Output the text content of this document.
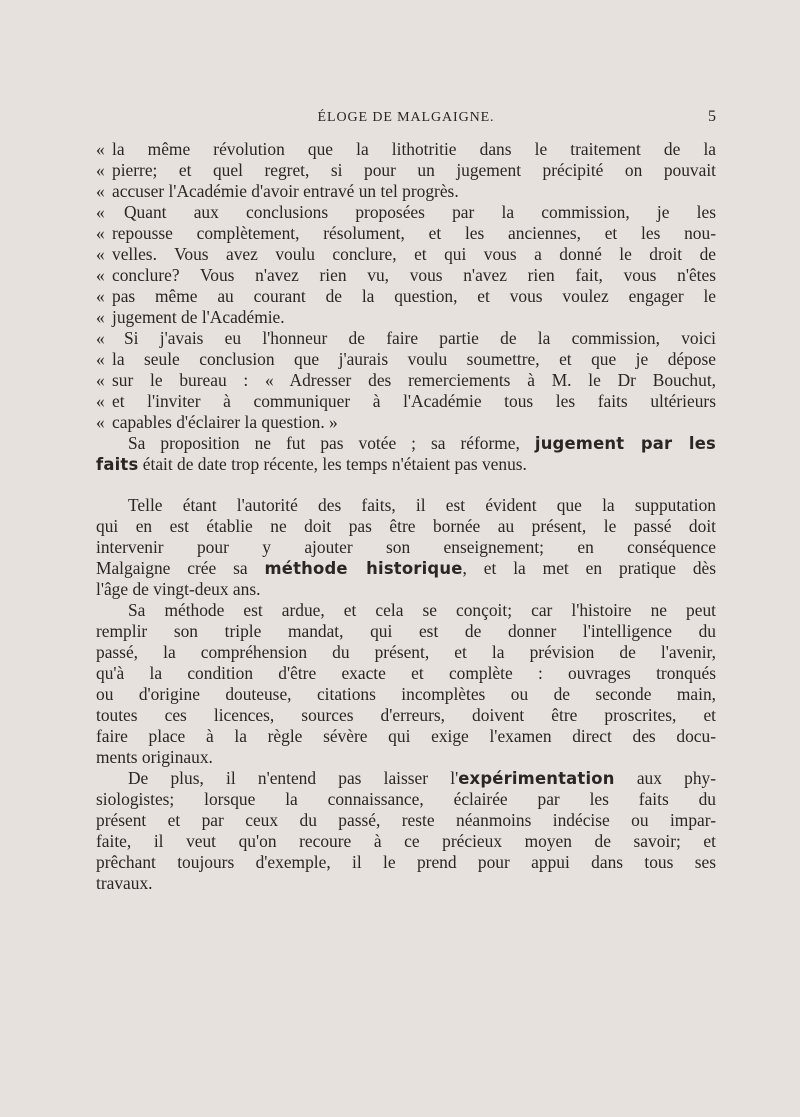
ÉLOGE DE MALGAIGNE.	5
« la même révolution que la lithotritie dans le traitement de la
« pierre; et quel regret, si pour un jugement précipité on pouvait
« accuser l'Académie d'avoir entravé un tel progrès.
« Quant aux conclusions proposées par la commission, je les
« repousse complètement, résolument, et les anciennes, et les nou-
« velles. Vous avez voulu conclure, et qui vous a donné le droit de
« conclure? Vous n'avez rien vu, vous n'avez rien fait, vous n'êtes
« pas même au courant de la question, et vous voulez engager le
« jugement de l'Académie.
« Si j'avais eu l'honneur de faire partie de la commission, voici
« la seule conclusion que j'aurais voulu soumettre, et que je dépose
« sur le bureau : « Adresser des remerciements à M. le Dr Bouchut,
« et l'inviter à communiquer à l'Académie tous les faits ultérieurs
« capables d'éclairer la question. »
Sa proposition ne fut pas votée ; sa réforme, jugement par les
faits était de date trop récente, les temps n'étaient pas venus.
Telle étant l'autorité des faits, il est évident que la supputation
qui en est établie ne doit pas être bornée au présent, le passé doit
intervenir pour y ajouter son enseignement; en conséquence
Malgaigne crée sa méthode historique, et la met en pratique dès
l'âge de vingt-deux ans.
Sa méthode est ardue, et cela se conçoit; car l'histoire ne peut
remplir son triple mandat, qui est de donner l'intelligence du
passé, la compréhension du présent, et la prévision de l'avenir,
qu'à la condition d'être exacte et complète : ouvrages tronqués
ou d'origine douteuse, citations incomplètes ou de seconde main,
toutes ces licences, sources d'erreurs, doivent être proscrites, et
faire place à la règle sévère qui exige l'examen direct des docu-
ments originaux.
De plus, il n'entend pas laisser l'expérimentation aux phy-
siologistes; lorsque la connaissance, éclairée par les faits du
présent et par ceux du passé, reste néanmoins indécise ou impar-
faite, il veut qu'on recoure à ce précieux moyen de savoir; et
prêchant toujours d'exemple, il le prend pour appui dans tous ses
travaux.
